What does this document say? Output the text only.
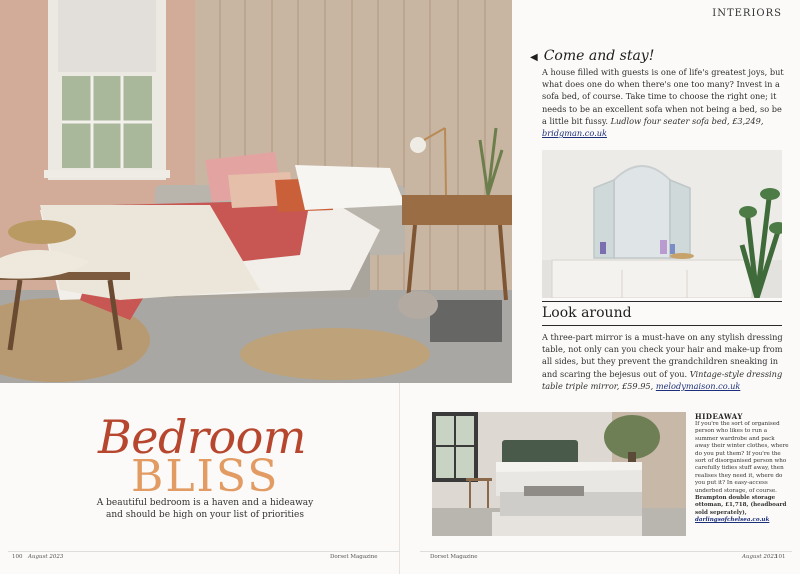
INTERIORS
◀ Come and stay!
A house filled with guests is one of life's greatest joys, but what does one do when there's one too many? Invest in a sofa bed, of course. Take time to choose the right one; it needs to be an excellent sofa when not being a bed, so be a little bit fussy. Ludlow four seater sofa bed, £3,249, bridgman.co.uk
Look around
A three-part mirror is a must-have on any stylish dressing table, not only can you check your hair and make-up from all sides, but they prevent the grandchildren sneaking in and scaring the bejesus out of you. Vintage-style dressing table triple mirror, £59.95, melodymaison.co.uk
Bedroom
BLISS
A beautiful bedroom is a haven and a hideaway and should be high on your list of priorities
HIDEAWAY
If you're the sort of organised person who likes to run a summer wardrobe and pack away their winter clothes, where do you put them? If you're the sort of disorganised person who carefully tidies stuff away, then realises they need it, where do you put it? In easy-access underbed storage, of course. Brampton double storage ottoman, £1,718, (headboard sold seperately), darlingsofchelsea.co.uk
100 August 2023	Dorset Magazine	Dorset Magazine	August 2023
101
